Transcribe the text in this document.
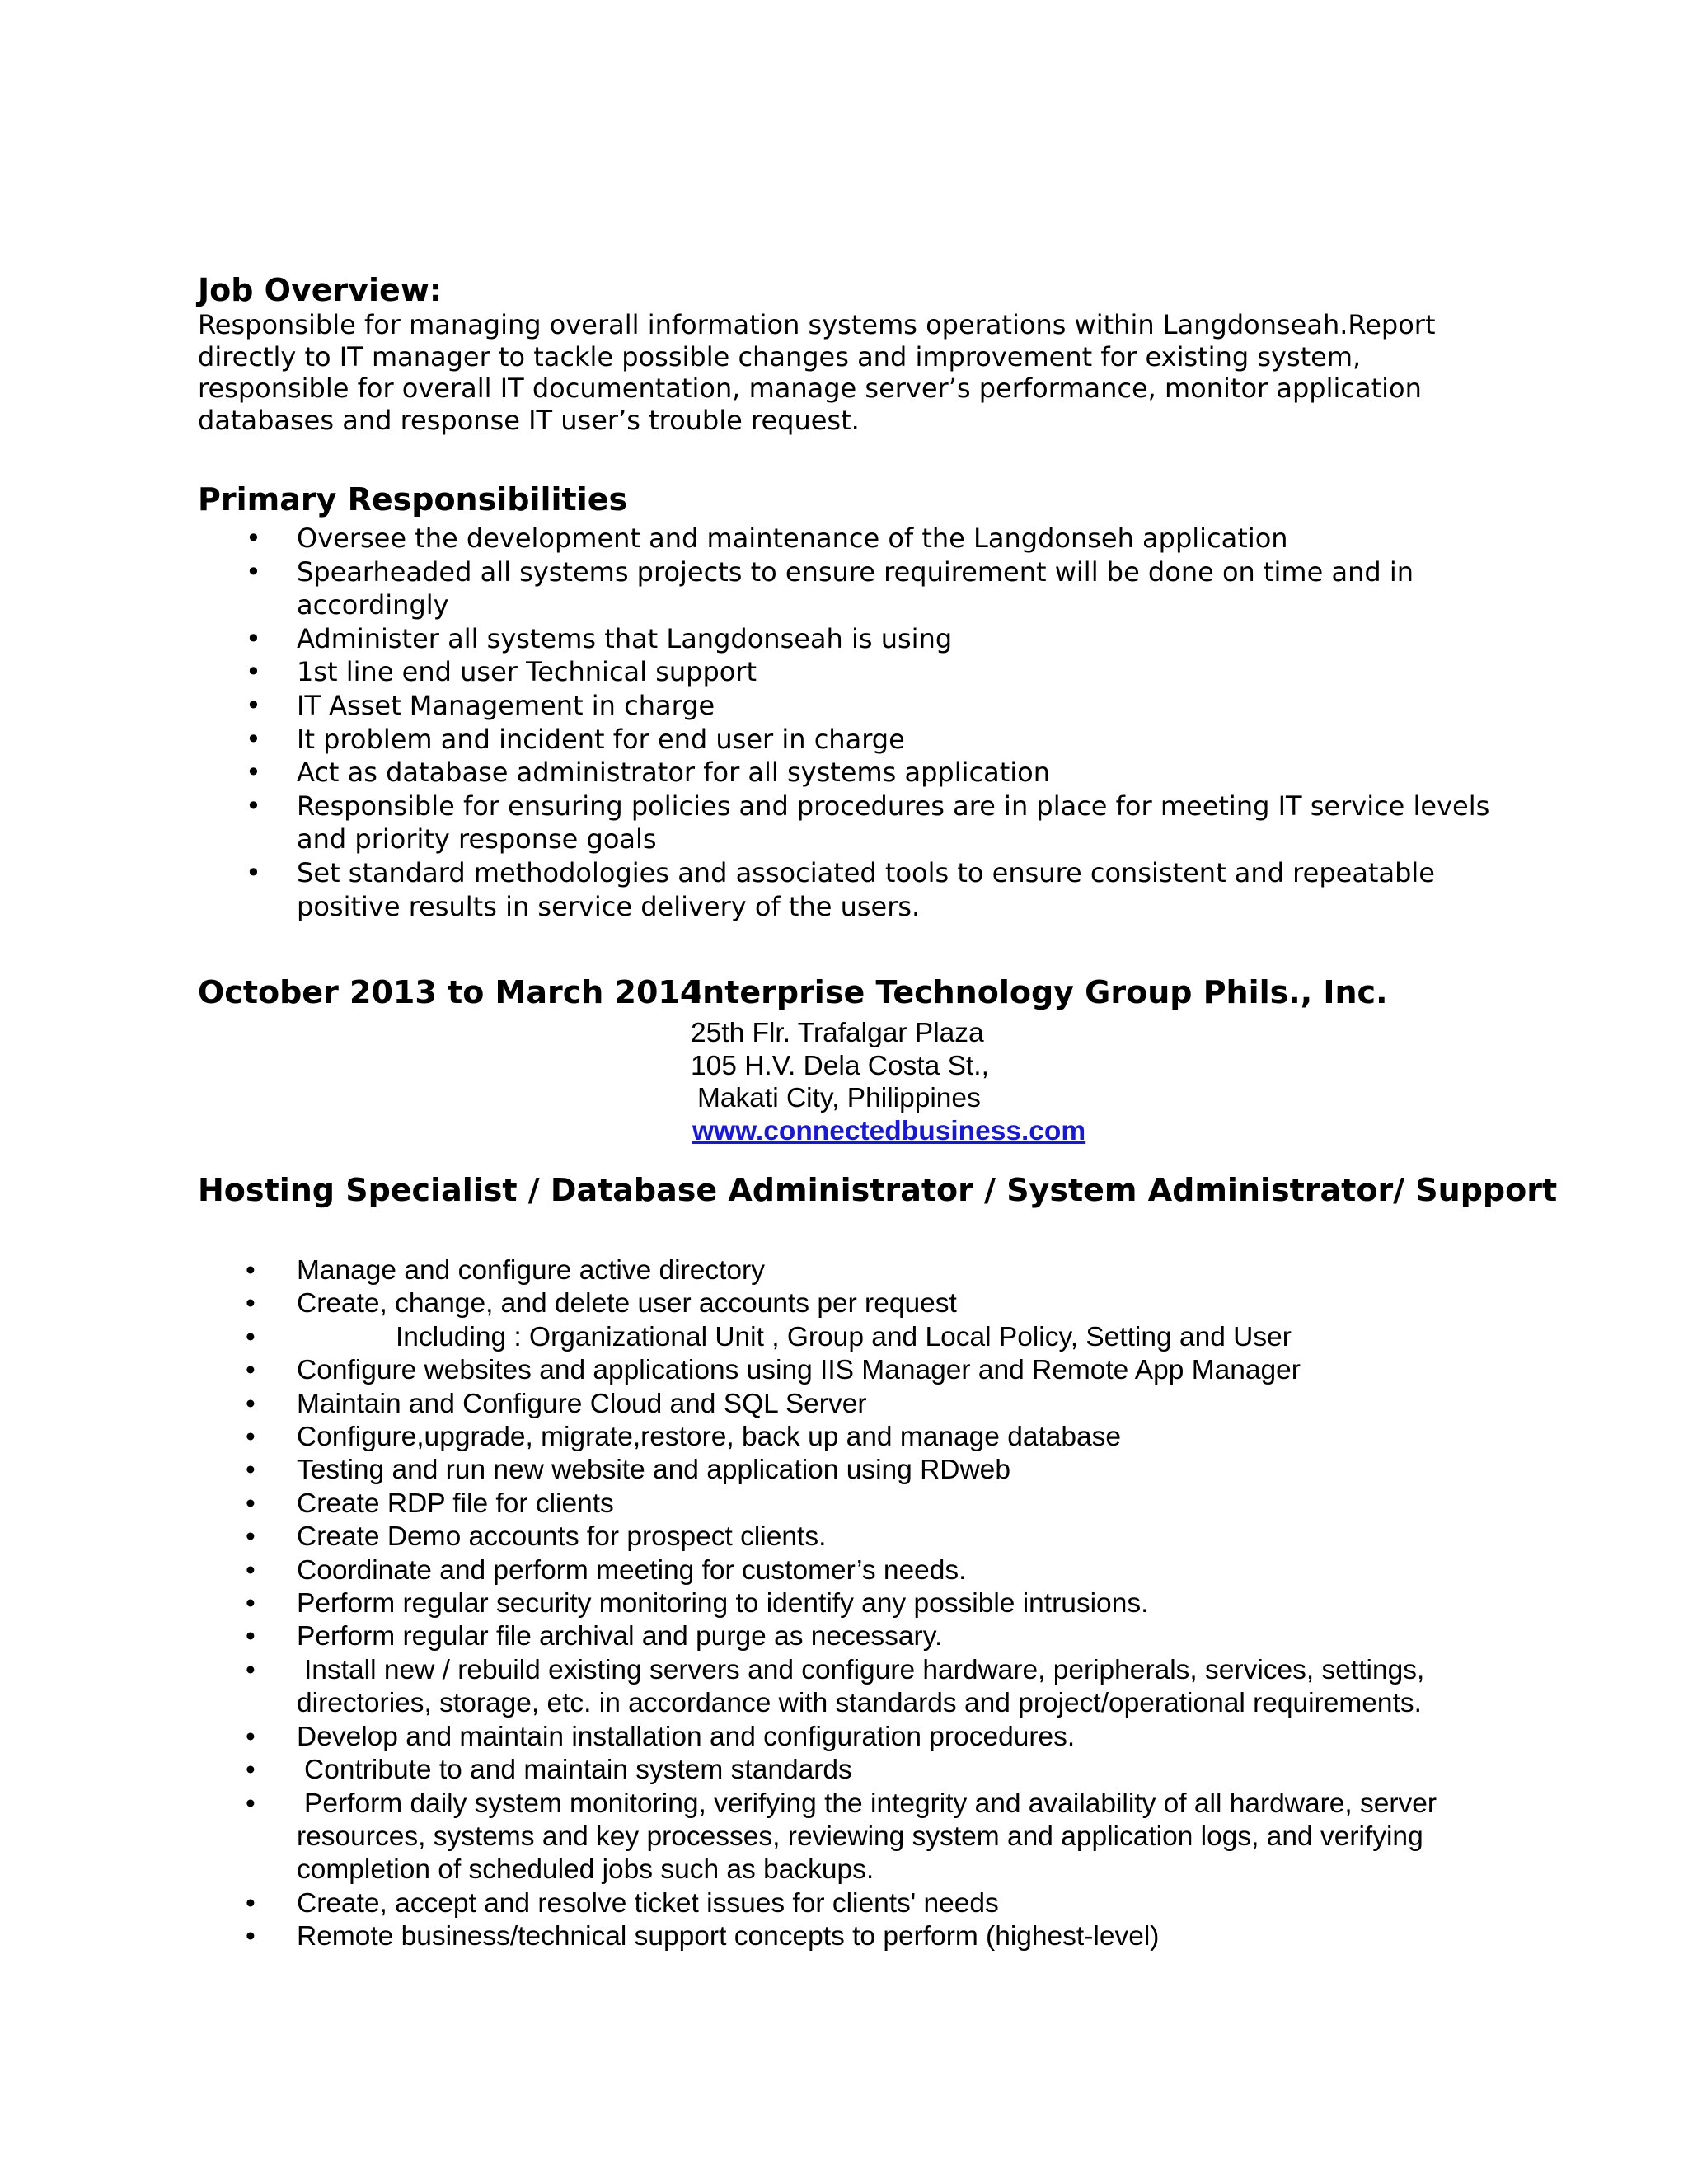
Job Overview:

Responsible for managing overall information systems operations within Langdonseah.Report directly to IT manager to tackle possible changes and improvement for existing system, responsible for overall IT documentation, manage server’s performance, monitor application databases and response IT user’s trouble request.

Primary Responsibilities
• Oversee the development and maintenance of the Langdonseh application
• Spearheaded all systems projects to ensure requirement will be done on time and in accordingly
• Administer all systems that Langdonseah is using
• 1st line end user Technical support
• IT Asset Management in charge
• It problem and incident for end user in charge
• Act as database administrator for all systems application
• Responsible for ensuring policies and procedures are in place for meeting IT service levels and priority response goals
• Set standard methodologies and associated tools to ensure consistent and repeatable positive results in service delivery of the users.
October 2013 to March 2014:
Interprise Technology Group Phils., Inc.
25th Flr. Trafalgar Plaza
105 H.V. Dela Costa St.,
Makati City, Philippines
www.connectedbusiness.com
Hosting Specialist / Database Administrator / System Administrator/ Support
• Manage and configure active directory
• Create, change, and delete user accounts per request
•	Including : Organizational Unit , Group and Local Policy, Setting and User
• Configure websites and applications using IIS Manager and Remote App Manager
• Maintain and Configure Cloud and SQL Server
• Configure,upgrade, migrate,restore, back up and manage database
• Testing and run new website and application using RDweb
• Create RDP file for clients
• Create Demo accounts for prospect clients.
• Coordinate and perform meeting for customer’s needs.
• Perform regular security monitoring to identify any possible intrusions.
• Perform regular file archival and purge as necessary.
• Install new / rebuild existing servers and configure hardware, peripherals, services, settings, directories, storage, etc. in accordance with standards and project/operational requirements.
• Develop and maintain installation and configuration procedures.
• Contribute to and maintain system standards
• Perform daily system monitoring, verifying the integrity and availability of all hardware, server resources, systems and key processes, reviewing system and application logs, and verifying completion of scheduled jobs such as backups.
• Create, accept and resolve ticket issues for clients' needs
• Remote business/technical support concepts to perform (highest-level)
